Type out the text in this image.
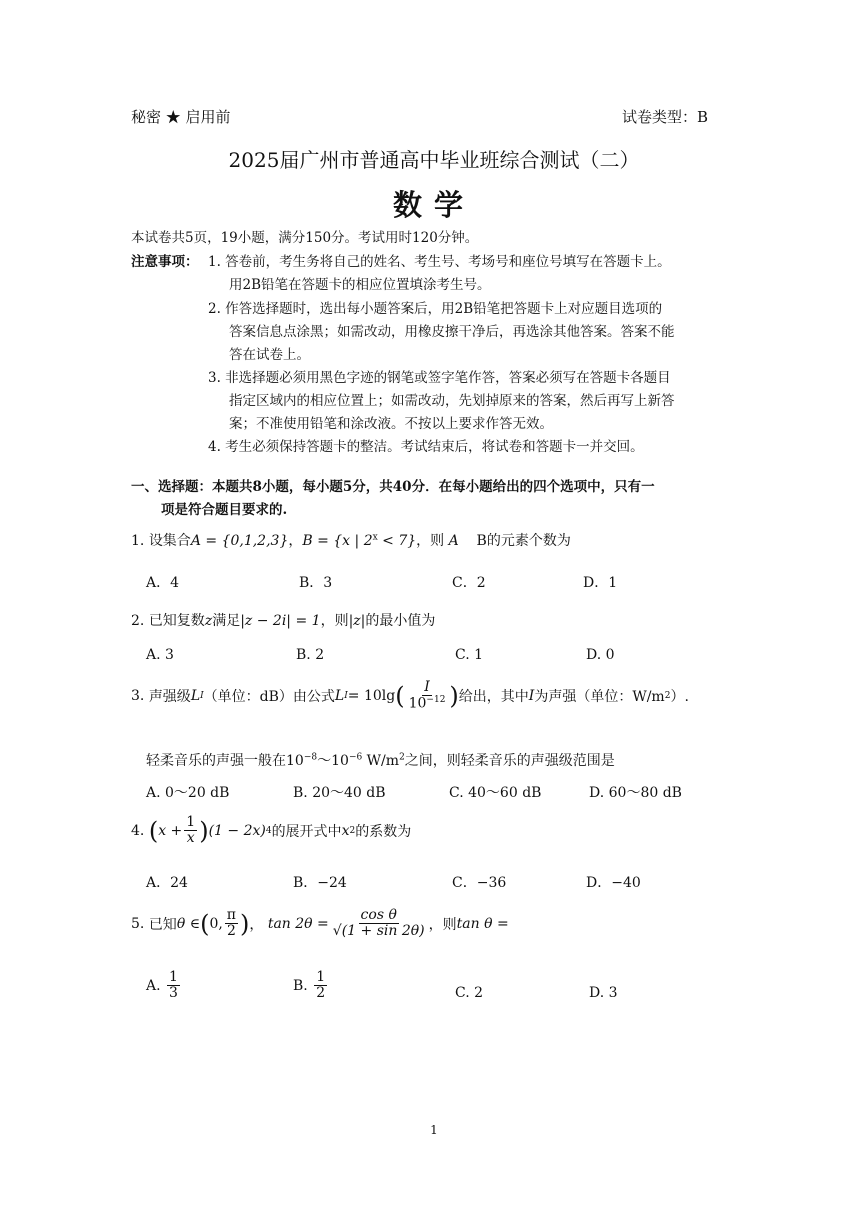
秘密 ★ 启用前	试卷类型：B
2025届广州市普通高中毕业班综合测试（二）
数学
本试卷共5页，19小题，满分150分。考试用时120分钟。
注意事项： 1. 答卷前，考生务将自己的姓名、考生号、考场号和座位号填写在答题卡上。
用2B铅笔在答题卡的相应位置填涂考生号。
2. 作答选择题时，选出每小题答案后，用2B铅笔把答题卡上对应题目选项的
答案信息点涂黑；如需改动，用橡皮擦干净后，再选涂其他答案。答案不能
答在试卷上。
3. 非选择题必须用黑色字迹的钢笔或签字笔作答，答案必须写在答题卡各题目
指定区域内的相应位置上；如需改动，先划掉原来的答案，然后再写上新答
案；不准使用铅笔和涂改液。不按以上要求作答无效。
4. 考生必须保持答题卡的整洁。考试结束后，将试卷和答题卡一并交回。
一、选择题：本题共8小题，每小题5分，共40分．在每小题给出的四个选项中，只有一
项是符合题目要求的.
1. 设集合A = {0,1,2,3}，B = {x | $2^x < 7$}，则 A B的元素个数为
A．4	B．3	C．2	D．1
2. 已知复数z满足|z − 2i| = 1，则|z|的最小值为
A. 3	B. 2	C. 1	D. 0
3.
声强级 L I （单位：dB）由公式 L I = 10lg ( $\frac{I}{10^{-12}}$ ) 给出，其中 I 为声强（单位：W/m 2 ）.
轻柔音乐的声强一般在$10^{-8}\sim 10^{-6}$ $W/m^2$之间，则轻柔音乐的声强级范围是
A. 0～20 dB	B. 20～40 dB	C. 40～60 dB	D. 60～80 dB
4.
( $x + \frac{1}{x}$ ) (1 − 2x) 4 的展开式中 x 2 的系数为
A．24	B．−24	C．−36	D．−40
5.
已知 θ ∈ ( 0, $\frac{\pi}{2}$ ) ，
$\tan 2\theta = \frac{\text{cos θ}}{√(1 + \sin 2\theta)}$ ，则 tan θ =
A.
$\frac{1}{3}$	B.
$\frac{1}{2}$	C. 2	D. 3
1
